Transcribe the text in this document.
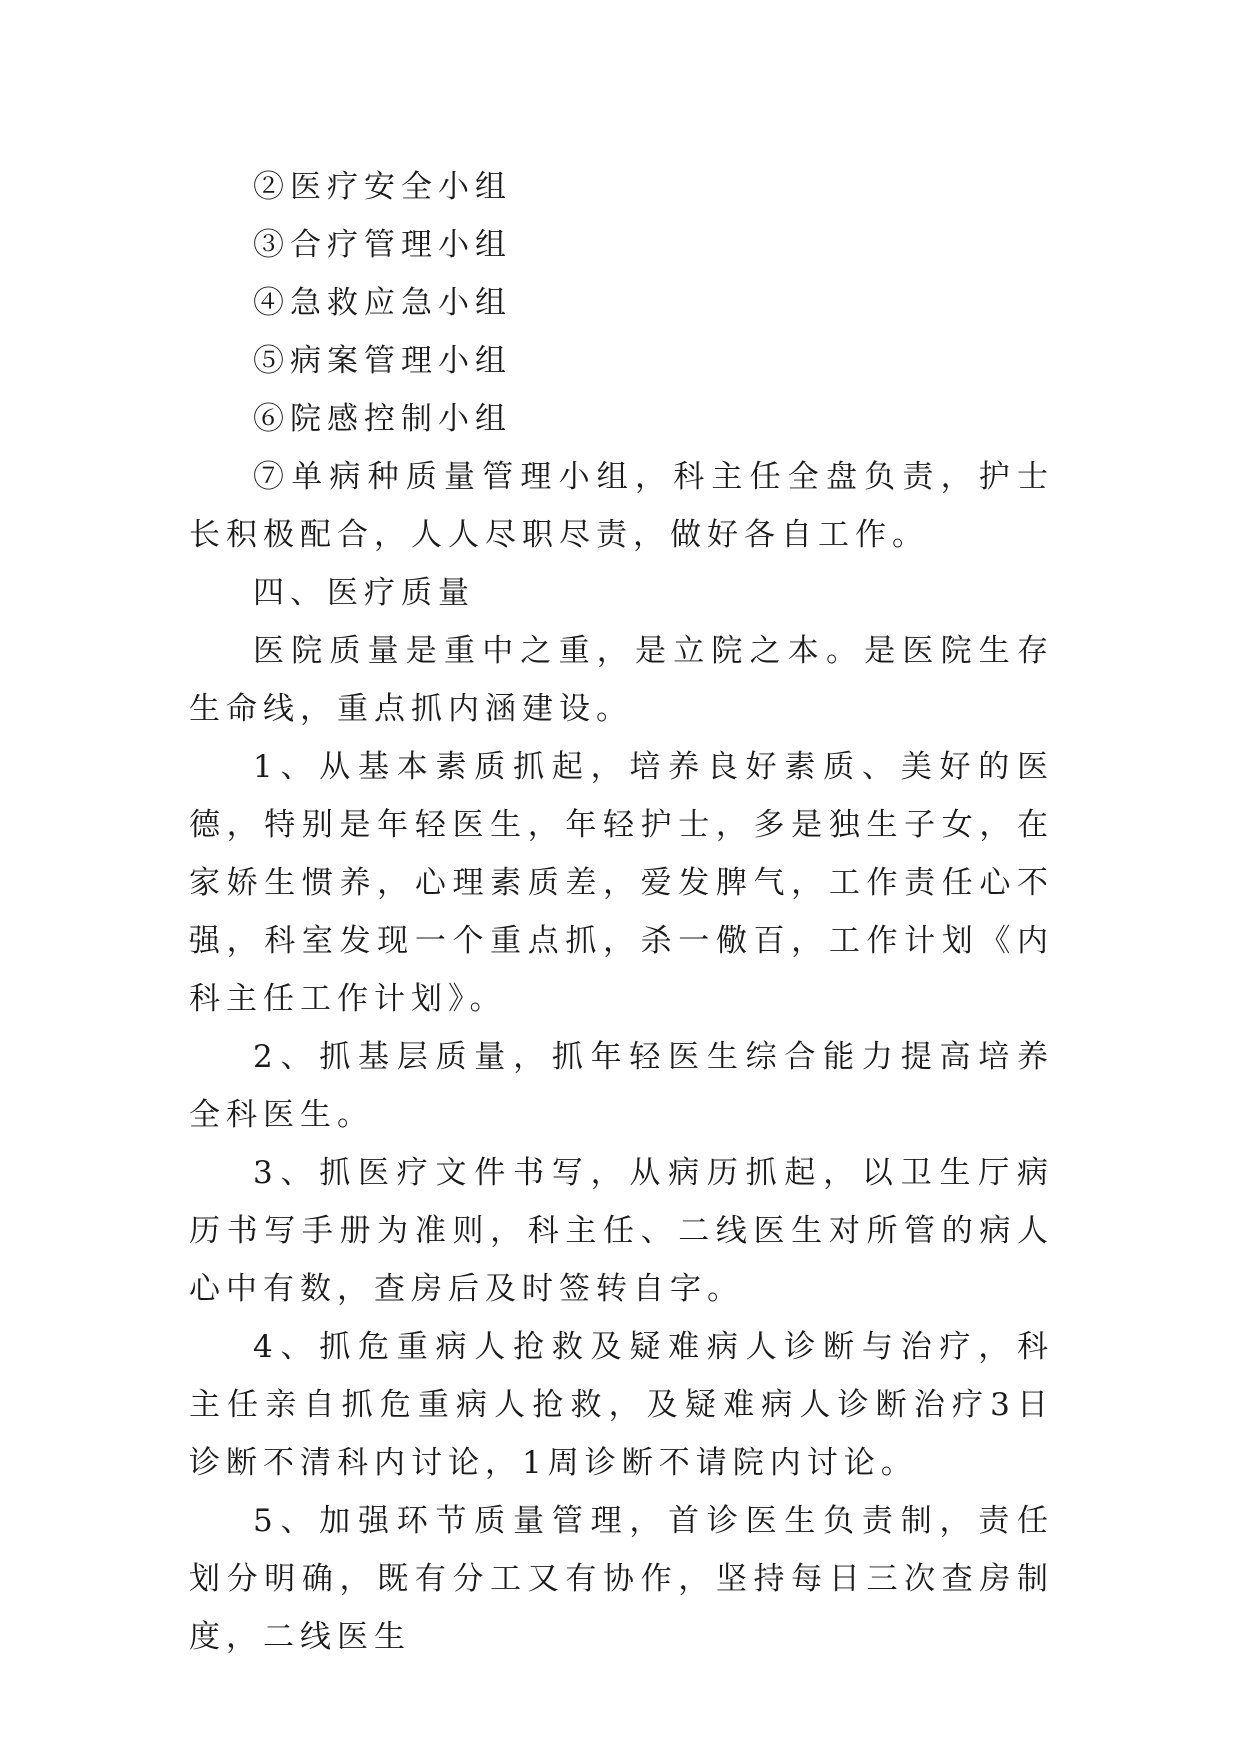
②医疗安全小组

③合疗管理小组

④急救应急小组

⑤病案管理小组

⑥院感控制小组

⑦单病种质量管理小组，科主任全盘负责，护士长积极配合，人人尽职尽责，做好各自工作。

四、医疗质量

医院质量是重中之重，是立院之本。是医院生存生命线，重点抓内涵建设。

1、从基本素质抓起，培养良好素质、美好的医德，特别是年轻医生，年轻护士，多是独生子女，在家娇生惯养，心理素质差，爱发脾气，工作责任心不强，科室发现一个重点抓，杀一儆百，工作计划《内科主任工作计划》。

2、抓基层质量，抓年轻医生综合能力提高培养全科医生。

3、抓医疗文件书写，从病历抓起，以卫生厅病历书写手册为准则，科主任、二线医生对所管的病人心中有数，查房后及时签转自字。

4、抓危重病人抢救及疑难病人诊断与治疗，科主任亲自抓危重病人抢救，及疑难病人诊断治疗3日诊断不清科内讨论，1周诊断不请院内讨论。

5、加强环节质量管理，首诊医生负责制，责任划分明确，既有分工又有协作，坚持每日三次查房制度，二线医生
